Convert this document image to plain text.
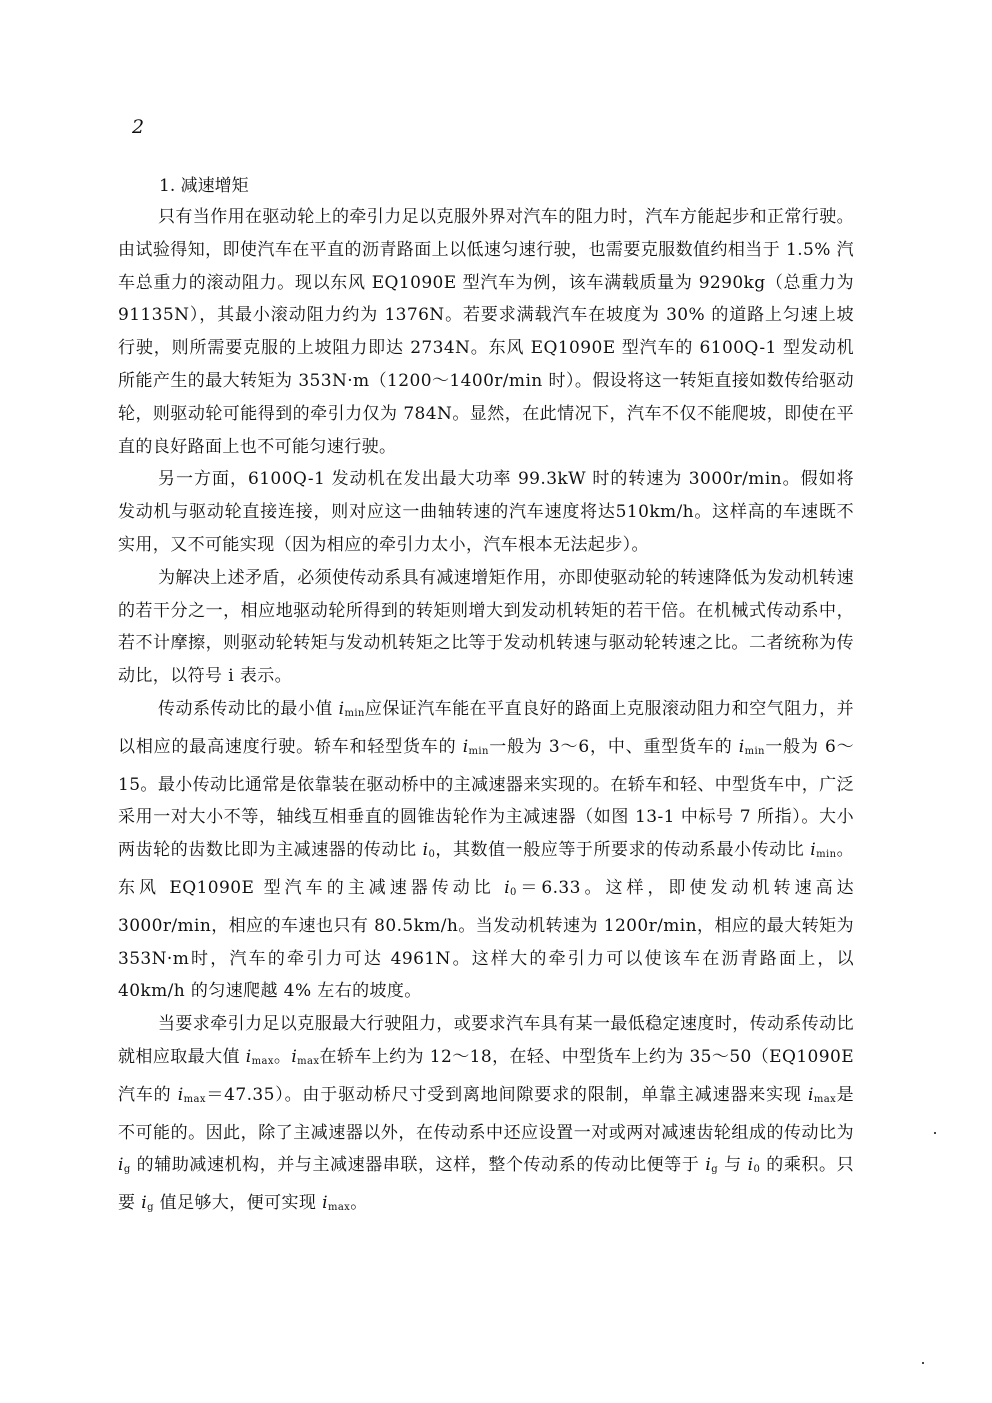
2
1. 减速增矩

只有当作用在驱动轮上的牵引力足以克服外界对汽车的阻力时，汽车方能起步和正常行驶。由试验得知，即使汽车在平直的沥青路面上以低速匀速行驶，也需要克服数值约相当于 1.5% 汽车总重力的滚动阻力。现以东风 EQ1090E 型汽车为例，该车满载质量为 9290kg（总重力为 91135N），其最小滚动阻力约为 1376N。若要求满载汽车在坡度为 30% 的道路上匀速上坡行驶，则所需要克服的上坡阻力即达 2734N。东风 EQ1090E 型汽车的 6100Q-1 型发动机所能产生的最大转矩为 353N·m（1200～1400r/min 时）。假设将这一转矩直接如数传给驱动轮，则驱动轮可能得到的牵引力仅为 784N。显然，在此情况下，汽车不仅不能爬坡，即使在平直的良好路面上也不可能匀速行驶。

另一方面，6100Q-1 发动机在发出最大功率 99.3kW 时的转速为 3000r/min。假如将发动机与驱动轮直接连接，则对应这一曲轴转速的汽车速度将达510km/h。这样高的车速既不实用，又不可能实现（因为相应的牵引力太小，汽车根本无法起步）。

为解决上述矛盾，必须使传动系具有减速增矩作用，亦即使驱动轮的转速降低为发动机转速的若干分之一，相应地驱动轮所得到的转矩则增大到发动机转矩的若干倍。在机械式传动系中，若不计摩擦，则驱动轮转矩与发动机转矩之比等于发动机转速与驱动轮转速之比。二者统称为传动比，以符号 i 表示。

传动系传动比的最小值 $i_{min}$应保证汽车能在平直良好的路面上克服滚动阻力和空气阻力，并以相应的最高速度行驶。轿车和轻型货车的 $i_{min}$一般为 3～6，中、重型货车的 $i_{min}$一般为 6～15。最小传动比通常是依靠装在驱动桥中的主减速器来实现的。在轿车和轻、中型货车中，广泛采用一对大小不等，轴线互相垂直的圆锥齿轮作为主减速器（如图 13-1 中标号 7 所指）。大小两齿轮的齿数比即为主减速器的传动比 $i_0$，其数值一般应等于所要求的传动系最小传动比 $i_{min}$。东风 EQ1090E 型汽车的主减速器传动比 $i_0=6.33$。这样，即使发动机转速高达 3000r/min，相应的车速也只有 80.5km/h。当发动机转速为 1200r/min，相应的最大转矩为 353N·m时，汽车的牵引力可达 4961N。这样大的牵引力可以使该车在沥青路面上，以 40km/h 的匀速爬越 4% 左右的坡度。

当要求牵引力足以克服最大行驶阻力，或要求汽车具有某一最低稳定速度时，传动系传动比就相应取最大值 $i_{max}$。$i_{max}$在轿车上约为 12～18，在轻、中型货车上约为 35～50（EQ1090E 汽车的 $i_{max}=47.35$）。由于驱动桥尺寸受到离地间隙要求的限制，单靠主减速器来实现 $i_{max}$是不可能的。因此，除了主减速器以外，在传动系中还应设置一对或两对减速齿轮组成的传动比为 $i_g$ 的辅助减速机构，并与主减速器串联，这样，整个传动系的传动比便等于 $i_g$ 与 $i_0$ 的乘积。只要 $i_g$ 值足够大，便可实现 $i_{max}$。
